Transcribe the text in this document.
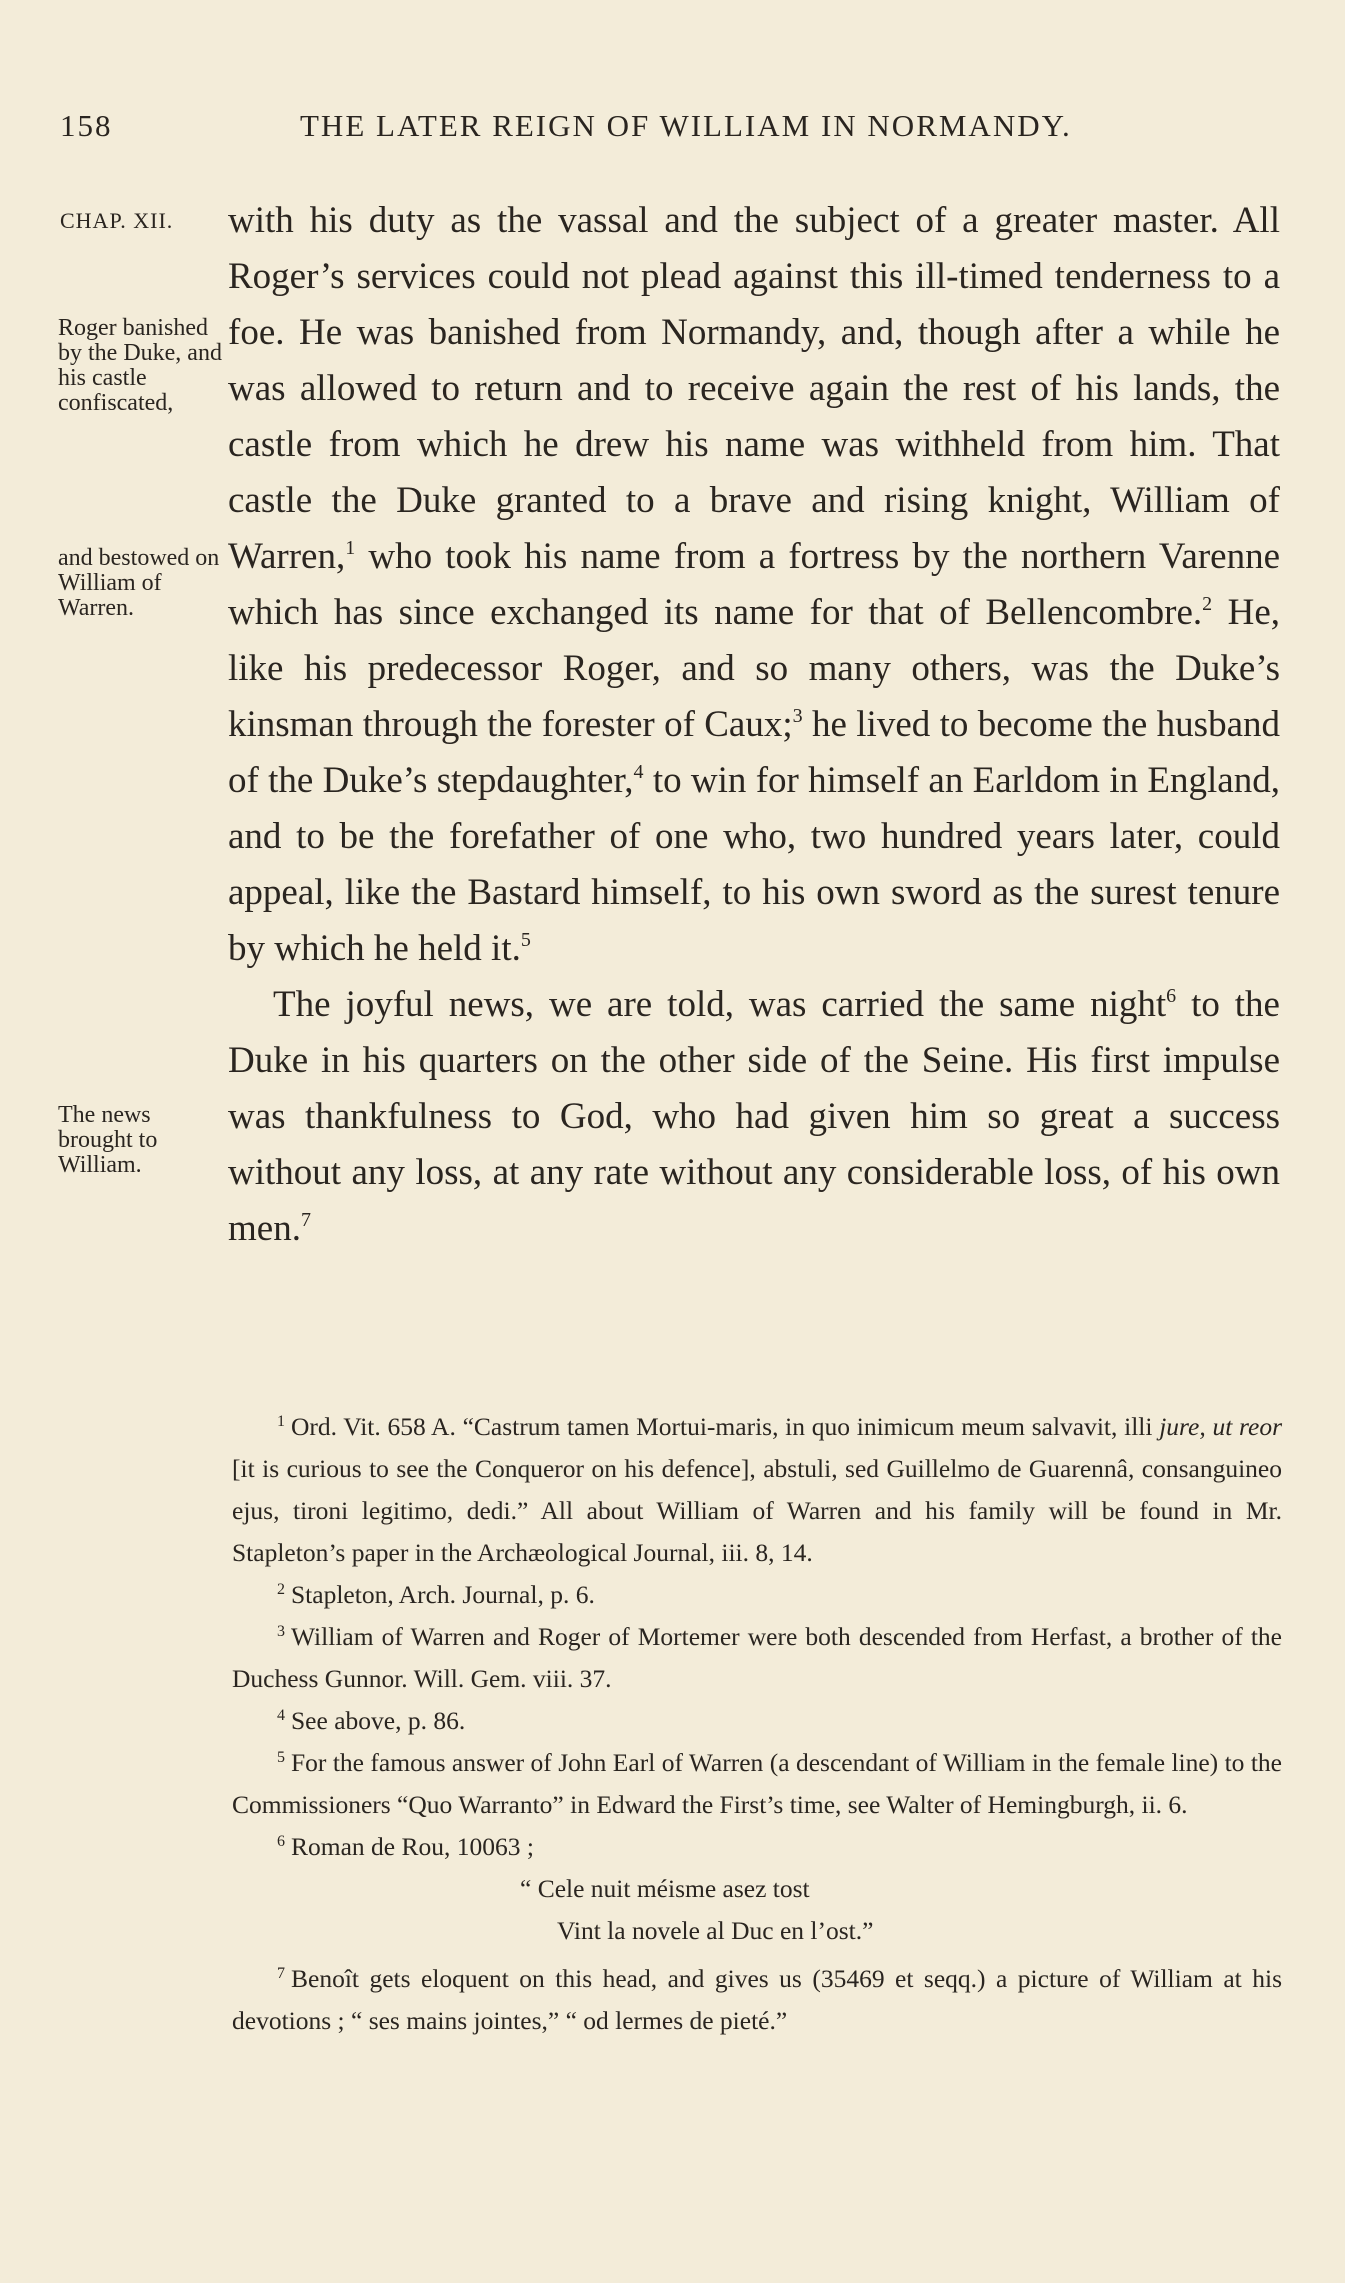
158	THE LATER REIGN OF WILLIAM IN NORMANDY.
CHAP. XII.
Roger banished by the Duke, and his castle confiscated,
and bestowed on William of Warren.
The news brought to William.

with his duty as the vassal and the subject of a greater master. All Roger’s services could not plead against this ill-timed tenderness to a foe. He was banished from Normandy, and, though after a while he was allowed to return and to receive again the rest of his lands, the castle from which he drew his name was withheld from him. That castle the Duke granted to a brave and rising knight, William of Warren,$^1$ who took his name from a fortress by the northern Varenne which has since exchanged its name for that of Bellencombre.$^2$ He, like his predecessor Roger, and so many others, was the Duke’s kinsman through the forester of Caux;$^3$ he lived to become the husband of the Duke’s stepdaughter,$^4$ to win for himself an Earldom in England, and to be the forefather of one who, two hundred years later, could appeal, like the Bastard himself, to his own sword as the surest tenure by which he held it.$^5$

The joyful news, we are told, was carried the same night$^6$ to the Duke in his quarters on the other side of the Seine. His first impulse was thankfulness to God, who had given him so great a success without any loss, at any rate without any considerable loss, of his own men.$^7$

$^1$ Ord. Vit. 658 A. “Castrum tamen Mortui-maris, in quo inimicum meum salvavit, illi jure, ut reor [it is curious to see the Conqueror on his defence], abstuli, sed Guillelmo de Guarennâ, consanguineo ejus, tironi legitimo, dedi.” All about William of Warren and his family will be found in Mr. Stapleton’s paper in the Archæological Journal, iii. 8, 14.

$^2$ Stapleton, Arch. Journal, p. 6.

$^3$ William of Warren and Roger of Mortemer were both descended from Herfast, a brother of the Duchess Gunnor. Will. Gem. viii. 37.

$^4$ See above, p. 86.

$^5$ For the famous answer of John Earl of Warren (a descendant of William in the female line) to the Commissioners “Quo Warranto” in Edward the First’s time, see Walter of Hemingburgh, ii. 6.

$^6$ Roman de Rou, 10063 ;

“ Cele nuit méisme asez tost

Vint la novele al Duc en l’ost.”

$^7$ Benoît gets eloquent on this head, and gives us (35469 et seqq.) a picture of William at his devotions ; “ ses mains jointes,” “ od lermes de pieté.”
